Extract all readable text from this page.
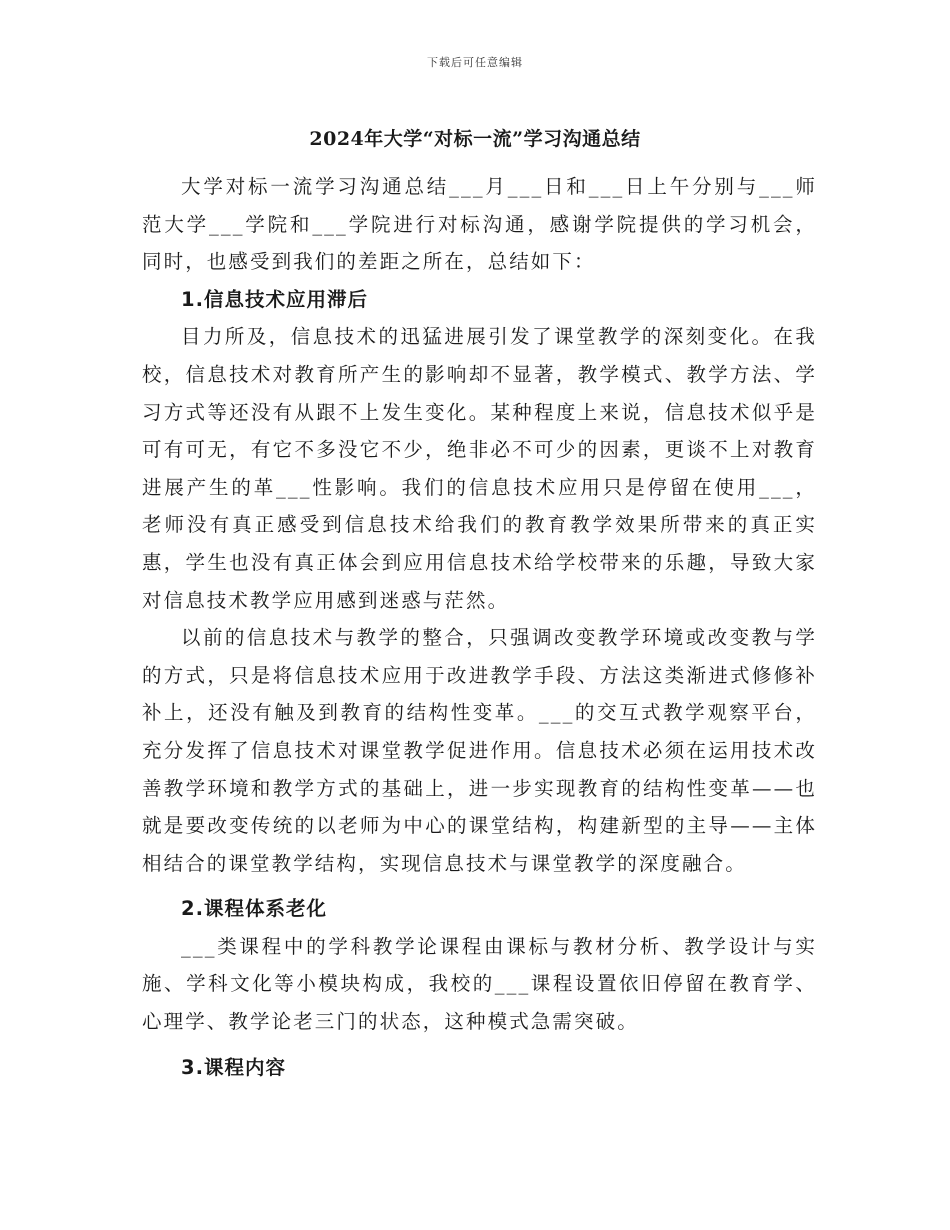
下载后可任意编辑
2024年大学“对标一流”学习沟通总结

大学对标一流学习沟通总结___月___日和___日上午分别与___师范大学___学院和___学院进行对标沟通，感谢学院提供的学习机会，同时，也感受到我们的差距之所在，总结如下：

1.信息技术应用滞后

目力所及，信息技术的迅猛进展引发了课堂教学的深刻变化。在我校，信息技术对教育所产生的影响却不显著，教学模式、教学方法、学习方式等还没有从跟不上发生变化。某种程度上来说，信息技术似乎是可有可无，有它不多没它不少，绝非必不可少的因素，更谈不上对教育进展产生的革___性影响。我们的信息技术应用只是停留在使用___，老师没有真正感受到信息技术给我们的教育教学效果所带来的真正实惠，学生也没有真正体会到应用信息技术给学校带来的乐趣，导致大家对信息技术教学应用感到迷惑与茫然。

以前的信息技术与教学的整合，只强调改变教学环境或改变教与学的方式，只是将信息技术应用于改进教学手段、方法这类渐进式修修补补上，还没有触及到教育的结构性变革。___的交互式教学观察平台，充分发挥了信息技术对课堂教学促进作用。信息技术必须在运用技术改善教学环境和教学方式的基础上，进一步实现教育的结构性变革——也就是要改变传统的以老师为中心的课堂结构，构建新型的主导——主体相结合的课堂教学结构，实现信息技术与课堂教学的深度融合。

2.课程体系老化

___类课程中的学科教学论课程由课标与教材分析、教学设计与实施、学科文化等小模块构成，我校的___课程设置依旧停留在教育学、心理学、教学论老三门的状态，这种模式急需突破。

3.课程内容
